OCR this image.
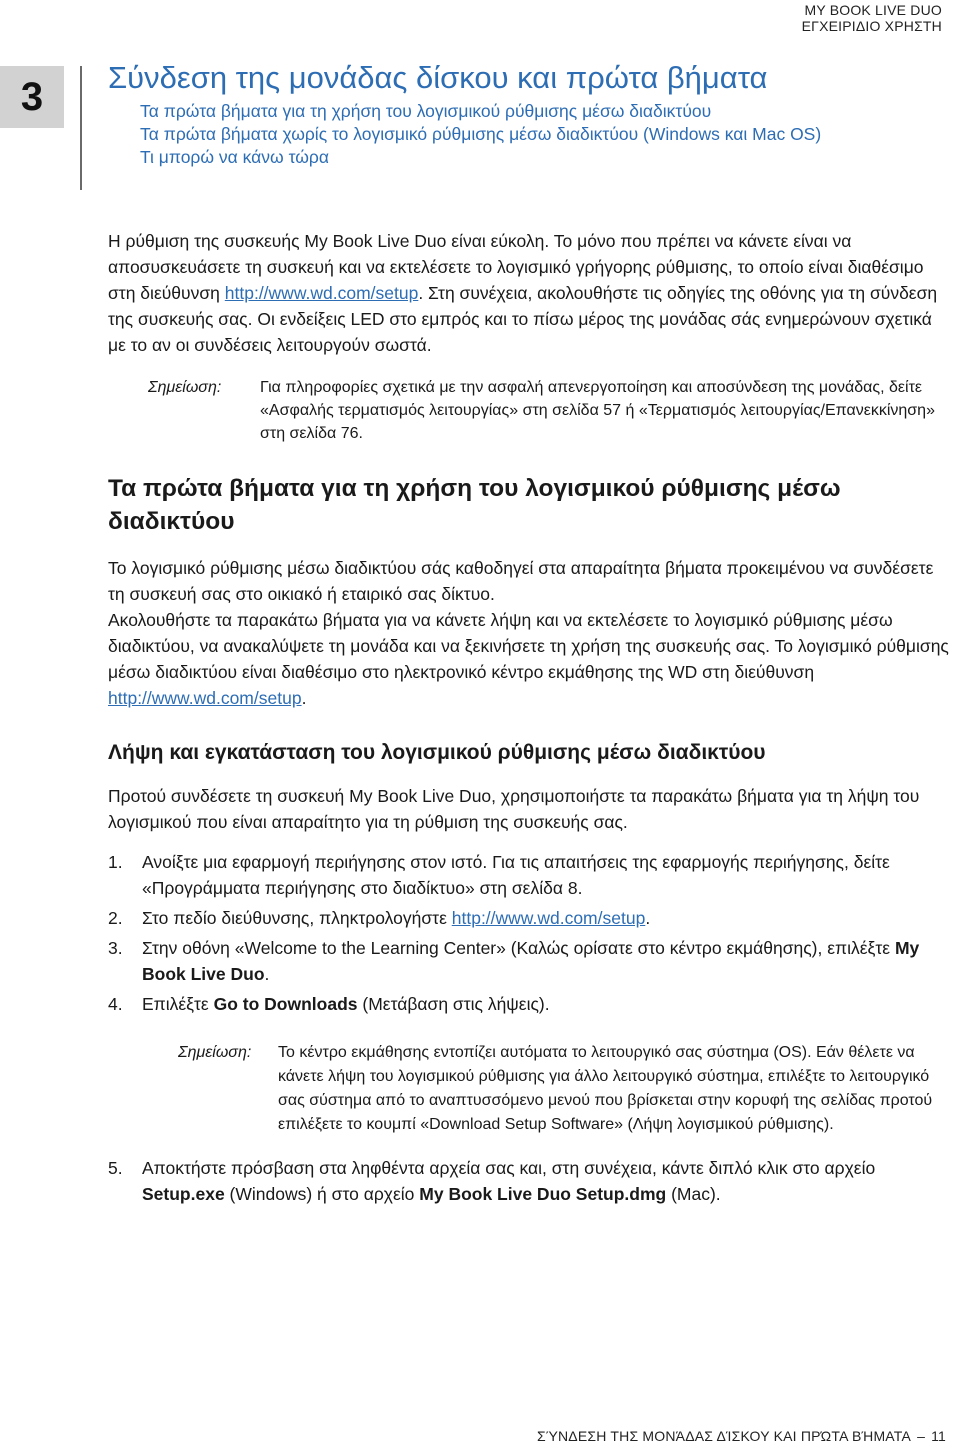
MY BOOK LIVE DUO
ΕΓΧΕΙΡΙΔΙΟ ΧΡΗΣΤΗ
3 Σύνδεση της μονάδας δίσκου και πρώτα βήματα
Τα πρώτα βήματα για τη χρήση του λογισμικού ρύθμισης μέσω διαδικτύου
Τα πρώτα βήματα χωρίς το λογισμικό ρύθμισης μέσω διαδικτύου (Windows και Mac OS)
Τι μπορώ να κάνω τώρα

Η ρύθμιση της συσκευής My Book Live Duo είναι εύκολη. Το μόνο που πρέπει να κάνετε είναι να αποσυσκευάσετε τη συσκευή και να εκτελέσετε το λογισμικό γρήγορης ρύθμισης, το οποίο είναι διαθέσιμο στη διεύθυνση http://www.wd.com/setup. Στη συνέχεια, ακολουθήστε τις οδηγίες της οθόνης για τη σύνδεση της συσκευής σας. Οι ενδείξεις LED στο εμπρός και το πίσω μέρος της μονάδας σάς ενημερώνουν σχετικά με το αν οι συνδέσεις λειτουργούν σωστά.

Σημείωση:	Για πληροφορίες σχετικά με την ασφαλή απενεργοποίηση και αποσύνδεση της μονάδας, δείτε «Ασφαλής τερματισμός λειτουργίας» στη σελίδα 57 ή «Τερματισμός λειτουργίας/Επανεκκίνηση» στη σελίδα 76.
Τα πρώτα βήματα για τη χρήση του λογισμικού ρύθμισης μέσω διαδικτύου

Το λογισμικό ρύθμισης μέσω διαδικτύου σάς καθοδηγεί στα απαραίτητα βήματα προκειμένου να συνδέσετε τη συσκευή σας στο οικιακό ή εταιρικό σας δίκτυο.

Ακολουθήστε τα παρακάτω βήματα για να κάνετε λήψη και να εκτελέσετε το λογισμικό ρύθμισης μέσω διαδικτύου, να ανακαλύψετε τη μονάδα και να ξεκινήσετε τη χρήση της συσκευής σας. Το λογισμικό ρύθμισης μέσω διαδικτύου είναι διαθέσιμο στο ηλεκτρονικό κέντρο εκμάθησης της WD στη διεύθυνση http://www.wd.com/setup.

Λήψη και εγκατάσταση του λογισμικού ρύθμισης μέσω διαδικτύου

Προτού συνδέσετε τη συσκευή My Book Live Duo, χρησιμοποιήστε τα παρακάτω βήματα για τη λήψη του λογισμικού που είναι απαραίτητο για τη ρύθμιση της συσκευής σας.

1.	Ανοίξτε μια εφαρμογή περιήγησης στον ιστό. Για τις απαιτήσεις της εφαρμογής περιήγησης, δείτε «Προγράμματα περιήγησης στο διαδίκτυο» στη σελίδα 8.
2.	Στο πεδίο διεύθυνσης, πληκτρολογήστε http://www.wd.com/setup.
3.	Στην οθόνη «Welcome to the Learning Center» (Καλώς ορίσατε στο κέντρο εκμάθησης), επιλέξτε My Book Live Duo.
4.	Επιλέξτε Go to Downloads (Μετάβαση στις λήψεις).
Σημείωση:	Το κέντρο εκμάθησης εντοπίζει αυτόματα το λειτουργικό σας σύστημα (OS). Εάν θέλετε να κάνετε λήψη του λογισμικού ρύθμισης για άλλο λειτουργικό σύστημα, επιλέξτε το λειτουργικό σας σύστημα από το αναπτυσσόμενο μενού που βρίσκεται στην κορυφή της σελίδας προτού επιλέξετε το κουμπί «Download Setup Software» (Λήψη λογισμικού ρύθμισης).
5.	Αποκτήστε πρόσβαση στα ληφθέντα αρχεία σας και, στη συνέχεια, κάντε διπλό κλικ στο αρχείο Setup.exe (Windows) ή στο αρχείο My Book Live Duo Setup.dmg (Mac).
ΣΎΝΔΕΣΗ ΤΗΣ ΜΟΝΆΔΑΣ ΔΊΣΚΟΥ ΚΑΙ ΠΡΏΤΑ ΒΉΜΑΤΑ – 11
